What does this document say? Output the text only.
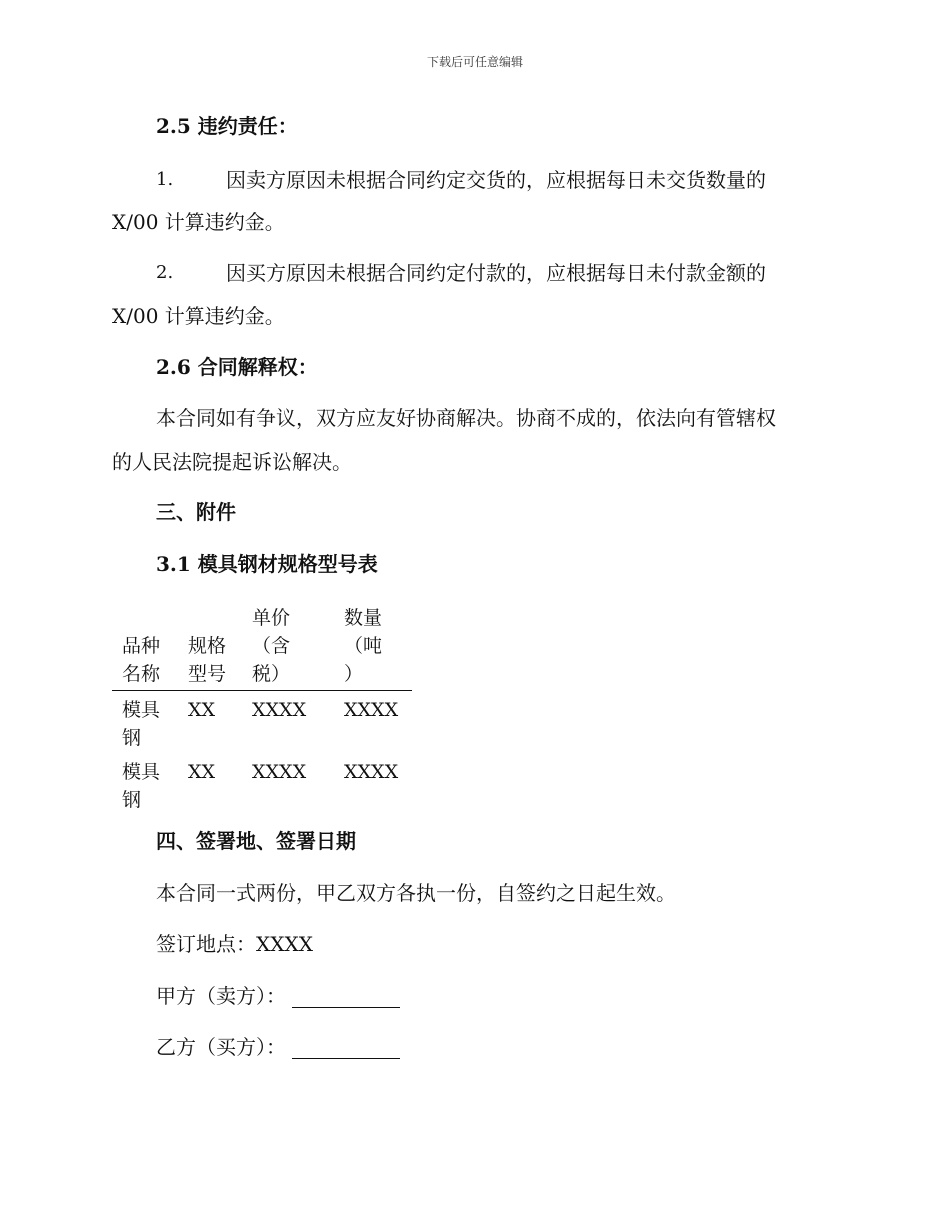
下载后可任意编辑
2.5 违约责任：
1.	因卖方原因未根据合同约定交货的，应根据每日未交货数量的
X/00 计算违约金。
2.	因买方原因未根据合同约定付款的，应根据每日未付款金额的
X/00 计算违约金。
2.6 合同解释权：
本合同如有争议，双方应友好协商解决。协商不成的，依法向有管辖权
的人民法院提起诉讼解决。
三、附件
3.1 模具钢材规格型号表
品种
名称
规格
型号
单价
（含
税）
数量
（吨
）
模具
钢
XX XXXX XXXX
模具
钢
XX XXXX XXXX
四、签署地、签署日期
本合同一式两份，甲乙双方各执一份，自签约之日起生效。
签订地点：XXXX
甲方（卖方）：
乙方（买方）：
